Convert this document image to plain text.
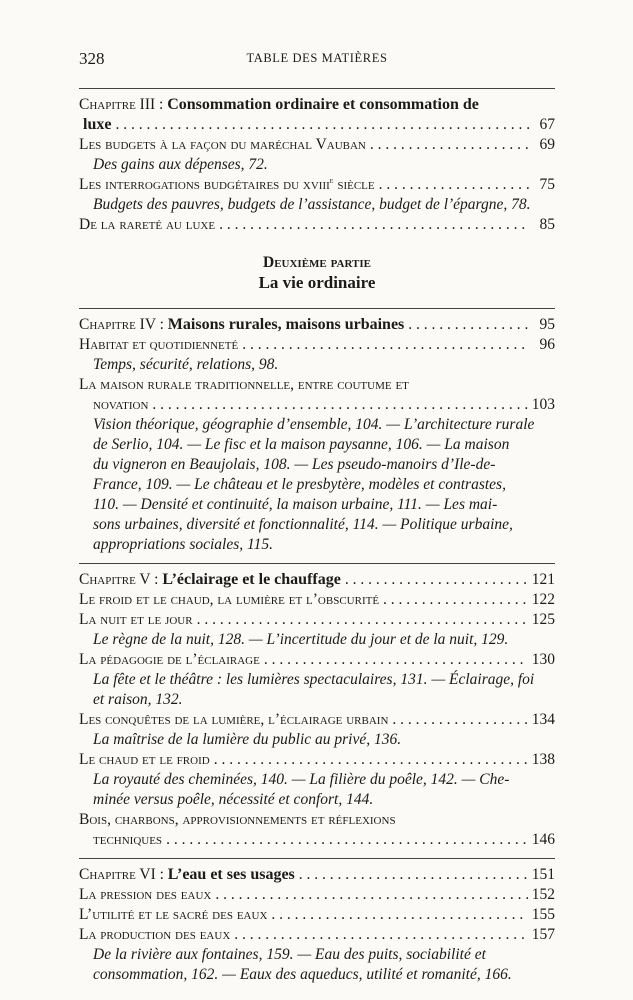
328	TABLE DES MATIÈRES
Chapitre III : Consommation ordinaire et consommation de
luxe . . .	67
Les budgets à la façon du maréchal Vauban . . .	69
Des gains aux dépenses, 72.
Les interrogations budgétaires du xviii$^e$ siècle . . .	75
Budgets des pauvres, budgets de l’assistance, budget de l’épargne, 78.
De la rareté au luxe . . .	85
Deuxième partie
La vie ordinaire
Chapitre IV : Maisons rurales, maisons urbaines . . .	95
Habitat et quotidienneté . . .	96
Temps, sécurité, relations, 98.
La maison rurale traditionnelle, entre coutume et
novation . . .	103
Vision théorique, géographie d’ensemble, 104. — L’architecture rurale
de Serlio, 104. — Le fisc et la maison paysanne, 106. — La maison
du vigneron en Beaujolais, 108. — Les pseudo-manoirs d’Ile-de-
France, 109. — Le château et le presbytère, modèles et contrastes,
110. — Densité et continuité, la maison urbaine, 111. — Les mai-
sons urbaines, diversité et fonctionnalité, 114. — Politique urbaine,
appropriations sociales, 115.
Chapitre V : L’éclairage et le chauffage . . .	121
Le froid et le chaud, la lumière et l’obscurité . . .	122
La nuit et le jour . . .	125
Le règne de la nuit, 128. — L’incertitude du jour et de la nuit, 129.
La pédagogie de l’éclairage . . .	130
La fête et le théâtre : les lumières spectaculaires, 131. — Éclairage, foi
et raison, 132.
Les conquêtes de la lumière, l’éclairage urbain . . .	134
La maîtrise de la lumière du public au privé, 136.
Le chaud et le froid . . .	138
La royauté des cheminées, 140. — La filière du poêle, 142. — Che-
minée versus poêle, nécessité et confort, 144.
Bois, charbons, approvisionnements et réflexions
techniques . . .	146
Chapitre VI : L’eau et ses usages . . .	151
La pression des eaux . . .	152
L’utilité et le sacré des eaux . . .	155
La production des eaux . . .	157
De la rivière aux fontaines, 159. — Eau des puits, sociabilité et
consommation, 162. — Eaux des aqueducs, utilité et romanité, 166.
